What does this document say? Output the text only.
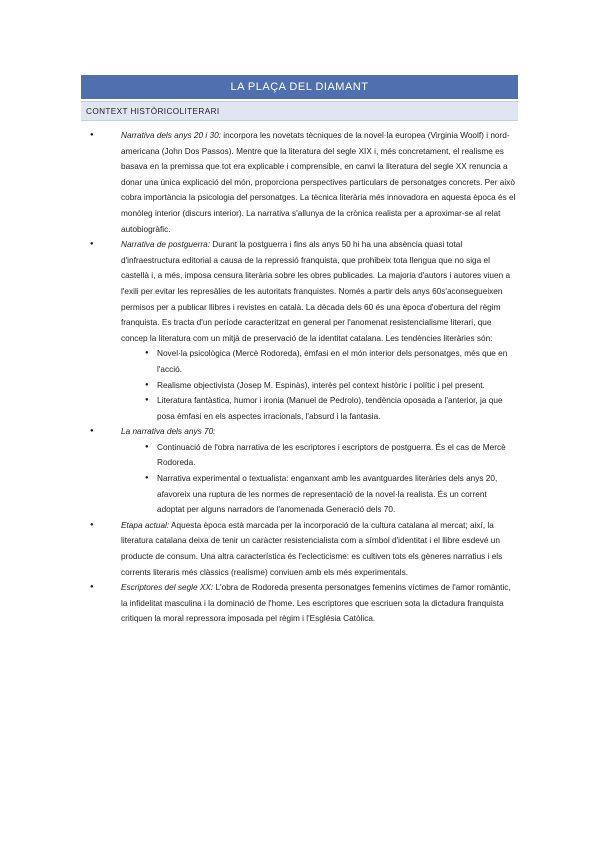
LA PLAÇA DEL DIAMANT
CONTEXT HISTÒRICOLITERARI
● Narrativa dels anys 20 i 30: incorpora les novetats tècniques de la novel·la europea (Virginia Woolf) i nord-americana (John Dos Passos). Mentre que la literatura del segle XIX i, més concretament, el realisme es basava en la premissa que tot era explicable i comprensible, en canvi la literatura del segle XX renuncia a donar una única explicació del món, proporciona perspectives particulars de personatges concrets. Per això cobra importància la psicologia del personatges. La tècnica literària més innovadora en aquesta època és el monòleg interior (discurs interior). La narrativa s'allunya de la crònica realista per a aproximar-se al relat autobiogràfic.
● Narrativa de postguerra: Durant la postguerra i fins als anys 50 hi ha una absència quasi total d'infraestructura editorial a causa de la repressió franquista, que prohibeix tota llengua que no siga el castellà i, a més, imposa censura literària sobre les obres publicades. La majoria d'autors i autores viuen a l'exili per evitar les represàlies de les autoritats franquistes. Només a partir dels anys 60s'aconsegueixen permisos per a publicar llibres i revistes en català. La dècada dels 60 és una època d'obertura del règim franquista. Es tracta d'un període caracteritzat en general per l'anomenat resistencialisme literari, que concep la literatura com un mitjà de preservació de la identitat catalana. Les tendències literàries són:
● Novel·la psicològica (Mercè Rodoreda), èmfasi en el món interior dels personatges, més que en l'acció.
● Realisme objectivista (Josep M. Espinàs), interès pel context històric i polític i pel present.
● Literatura fantàstica, humor i ironia (Manuel de Pedrolo), tendència oposada a l'anterior, ja que posa èmfasi en els aspectes irracionals, l'absurd i la fantasia.
● La narrativa dels anys 70:
● Continuació de l'obra narrativa de les escriptores i escriptors de postguerra. És el cas de Mercè Rodoreda.
● Narrativa experimental o textualista: enganxant amb les avantguardes literàries dels anys 20, afavoreix una ruptura de les normes de representació de la novel·la realista. És un corrent adoptat per alguns narradors de l'anomenada Generació dels 70.
● Etapa actual: Aquesta època està marcada per la incorporació de la cultura catalana al mercat; així, la literatura catalana deixa de tenir un caràcter resistencialista com a símbol d'identitat i el llibre esdevé un producte de consum. Una altra característica és l'eclecticisme: es cultiven tots els gèneres narratius i els corrents literaris més clàssics (realisme) conviuen amb els més experimentals.
● Escriptores del segle XX: L'obra de Rodoreda presenta personatges femenins víctimes de l'amor romàntic, la infidelitat masculina i la dominació de l'home. Les escriptores que escriuen sota la dictadura franquista critiquen la moral repressora imposada pel règim i l'Església Catòlica.
